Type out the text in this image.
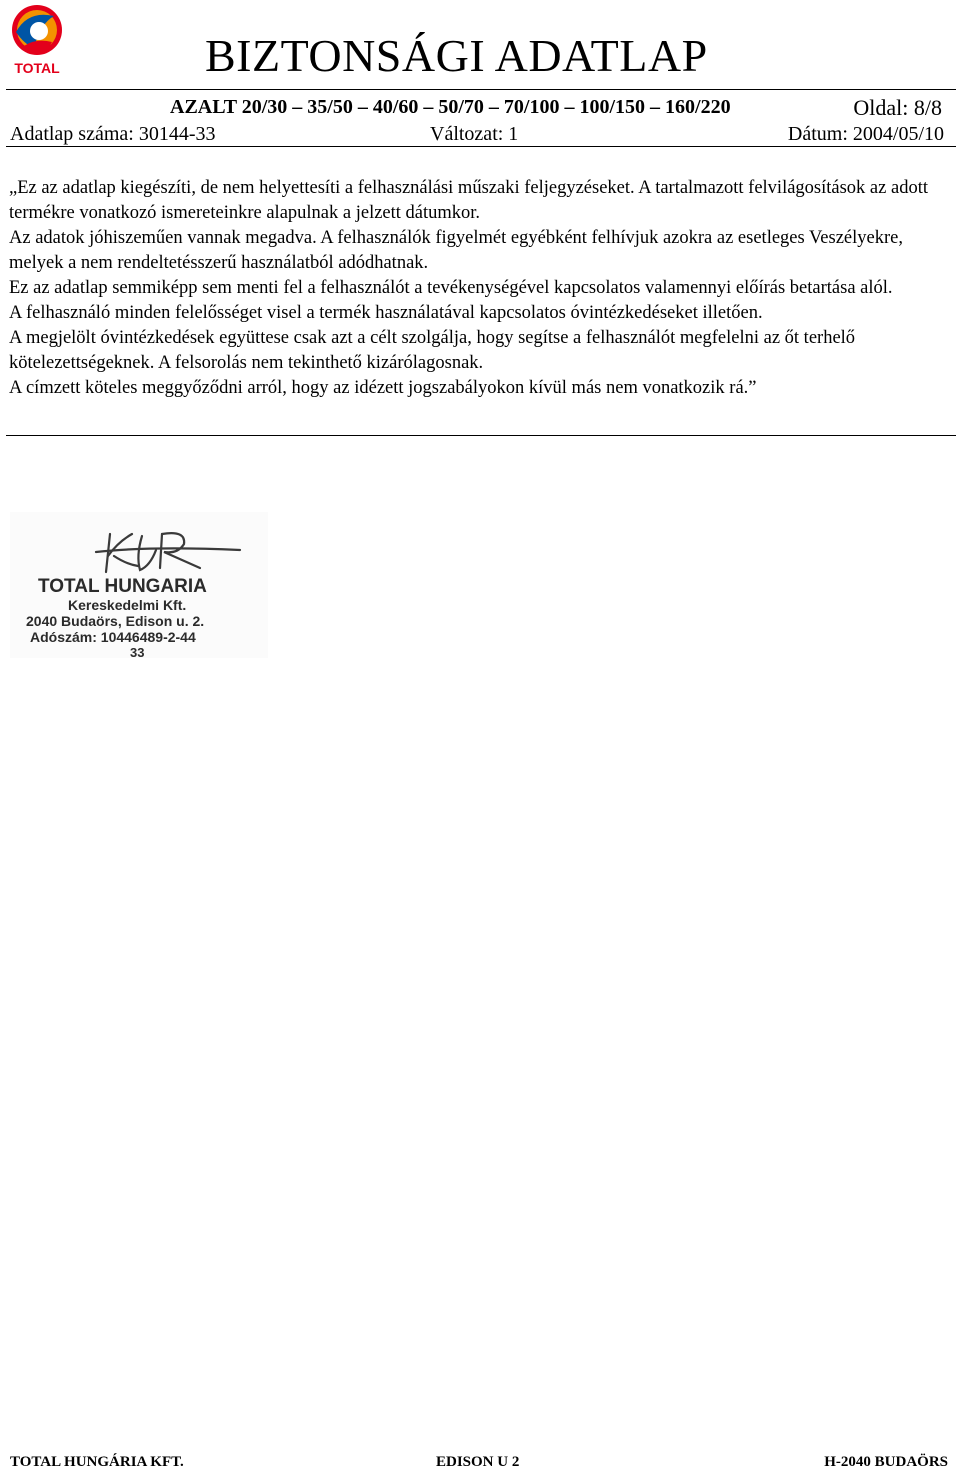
TOTAL	BIZTONSÁGI ADATLAP
AZALT 20/30 – 35/50 – 40/60 – 50/70 – 70/100 – 100/150 – 160/220	Oldal: 8/8
Adatlap száma: 30144-33	Változat: 1	Dátum: 2004/05/10

„Ez az adatlap kiegészíti, de nem helyettesíti a felhasználási műszaki feljegyzéseket. A tartalmazott felvilágosítások az adott termékre vonatkozó ismereteinkre alapulnak a jelzett dátumkor.

Az adatok jóhiszeműen vannak megadva. A felhasználók figyelmét egyébként felhívjuk azokra az esetleges Veszélyekre, melyek a nem rendeltetésszerű használatból adódhatnak.

Ez az adatlap semmiképp sem menti fel a felhasználót a tevékenységével kapcsolatos valamennyi előírás betartása alól.

A felhasználó minden felelősséget visel a termék használatával kapcsolatos óvintézkedéseket illetően.

A megjelölt óvintézkedések együttese csak azt a célt szolgálja, hogy segítse a felhasználót megfelelni az őt terhelő kötelezettségeknek. A felsorolás nem tekinthető kizárólagosnak.

A címzett köteles meggyőződni arról, hogy az idézett jogszabályokon kívül más nem vonatkozik rá.”

TOTAL HUNGARIA
Kereskedelmi Kft.
2040 Budaörs, Edison u. 2.
Adószám: 10446489-2-44
33
TOTAL HUNGÁRIA KFT.	EDISON U 2	H-2040 BUDAÖRS
